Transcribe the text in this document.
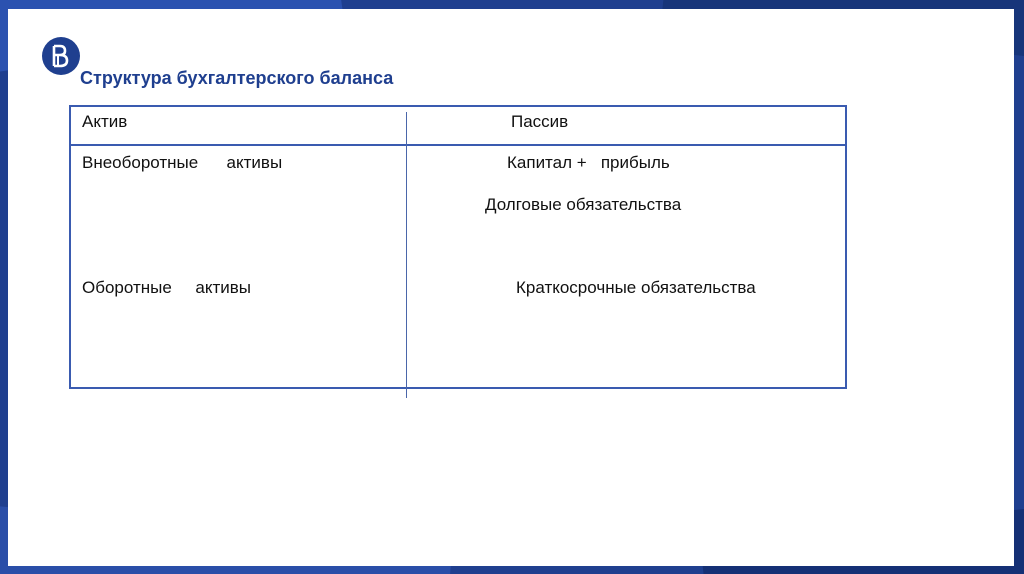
Структура бухгалтерского баланса
Актив	Пассив
Внеоборотные      активы
Оборотные     активы
Капитал +   прибыль
Долговые обязательства
Краткосрочные обязательства
